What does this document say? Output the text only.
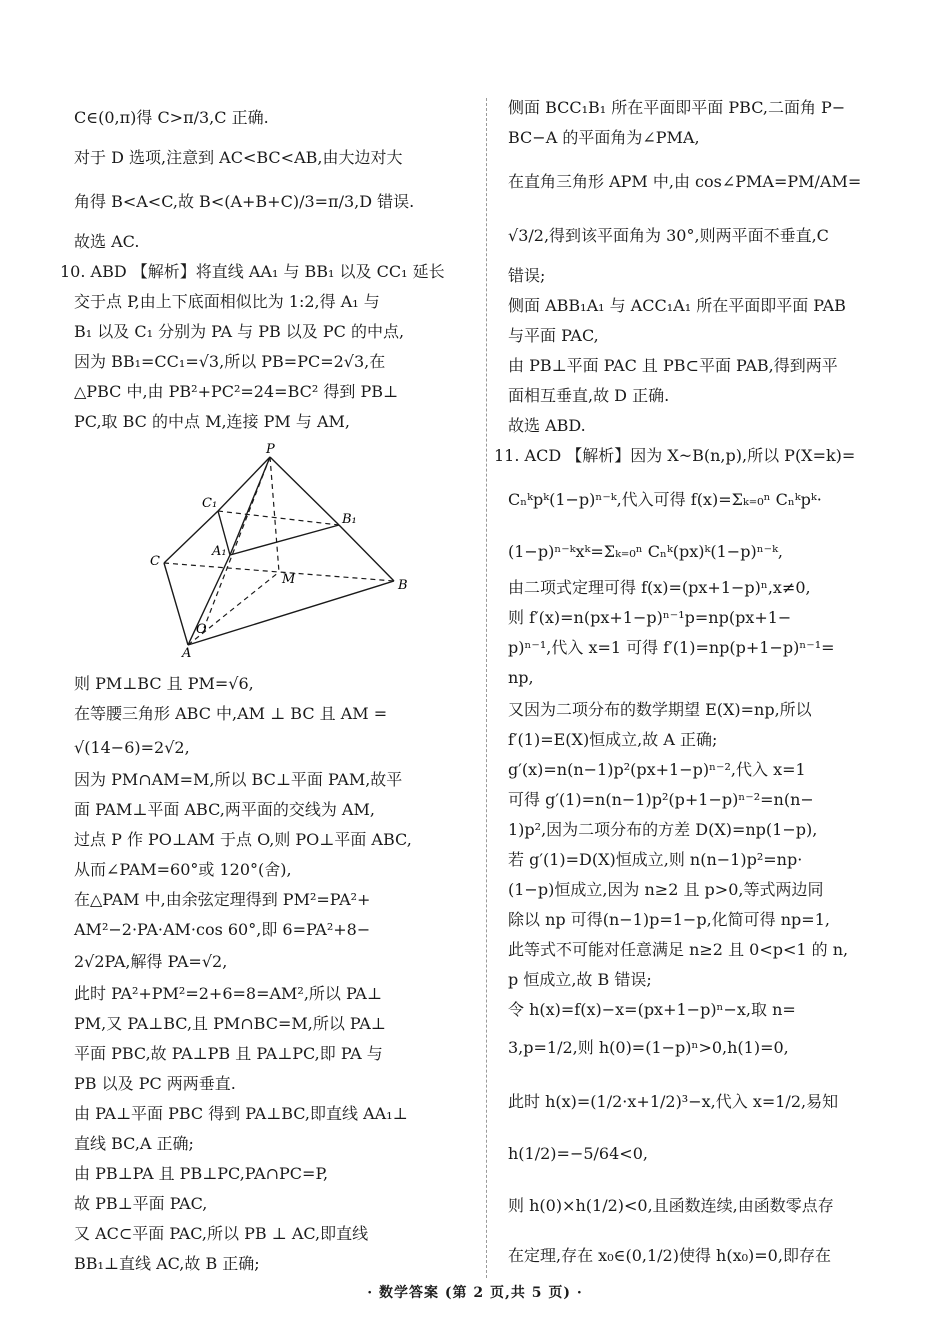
C∈(0,π)得 C>π/3,C 正确.
对于 D 选项,注意到 AC<BC<AB,由大边对大
角得 B<A<C,故 B<(A+B+C)/3=π/3,D 错误.
故选 AC.
10. ABD 【解析】将直线 AA₁ 与 BB₁ 以及 CC₁ 延长
交于点 P,由上下底面相似比为 1:2,得 A₁ 与
B₁ 以及 C₁ 分别为 PA 与 PB 以及 PC 的中点,
因为 BB₁=CC₁=√3,所以 PB=PC=2√3,在
△PBC 中,由 PB²+PC²=24=BC² 得到 PB⊥
PC,取 BC 的中点 M,连接 PM 与 AM,
P
C₁
B₁
A₁
C
M	B
O
A
则 PM⊥BC 且 PM=√6,
在等腰三角形 ABC 中,AM ⊥ BC 且 AM =
√(14−6)=2√2,
因为 PM∩AM=M,所以 BC⊥平面 PAM,故平
面 PAM⊥平面 ABC,两平面的交线为 AM,
过点 P 作 PO⊥AM 于点 O,则 PO⊥平面 ABC,
从而∠PAM=60°或 120°(舍),
在△PAM 中,由余弦定理得到 PM²=PA²+
AM²−2·PA·AM·cos 60°,即 6=PA²+8−
2√2PA,解得 PA=√2,
此时 PA²+PM²=2+6=8=AM²,所以 PA⊥
PM,又 PA⊥BC,且 PM∩BC=M,所以 PA⊥
平面 PBC,故 PA⊥PB 且 PA⊥PC,即 PA 与
PB 以及 PC 两两垂直.
由 PA⊥平面 PBC 得到 PA⊥BC,即直线 AA₁⊥
直线 BC,A 正确;
由 PB⊥PA 且 PB⊥PC,PA∩PC=P,
故 PB⊥平面 PAC,
又 AC⊂平面 PAC,所以 PB ⊥ AC,即直线
BB₁⊥直线 AC,故 B 正确;
侧面 BCC₁B₁ 所在平面即平面 PBC,二面角 P−
BC−A 的平面角为∠PMA,
在直角三角形 APM 中,由 cos∠PMA=PM/AM=
√3/2,得到该平面角为 30°,则两平面不垂直,C
错误;
侧面 ABB₁A₁ 与 ACC₁A₁ 所在平面即平面 PAB
与平面 PAC,
由 PB⊥平面 PAC 且 PB⊂平面 PAB,得到两平
面相互垂直,故 D 正确.
故选 ABD.
11. ACD 【解析】因为 X~B(n,p),所以 P(X=k)=
Cₙᵏpᵏ(1−p)ⁿ⁻ᵏ,代入可得 f(x)=Σₖ₌₀ⁿ Cₙᵏpᵏ·
(1−p)ⁿ⁻ᵏxᵏ=Σₖ₌₀ⁿ Cₙᵏ(px)ᵏ(1−p)ⁿ⁻ᵏ,
由二项式定理可得 f(x)=(px+1−p)ⁿ,x≠0,
则 f′(x)=n(px+1−p)ⁿ⁻¹p=np(px+1−
p)ⁿ⁻¹,代入 x=1 可得 f′(1)=np(p+1−p)ⁿ⁻¹=
np,
又因为二项分布的数学期望 E(X)=np,所以
f′(1)=E(X)恒成立,故 A 正确;
g′(x)=n(n−1)p²(px+1−p)ⁿ⁻²,代入 x=1
可得 g′(1)=n(n−1)p²(p+1−p)ⁿ⁻²=n(n−
1)p²,因为二项分布的方差 D(X)=np(1−p),
若 g′(1)=D(X)恒成立,则 n(n−1)p²=np·
(1−p)恒成立,因为 n≥2 且 p>0,等式两边同
除以 np 可得(n−1)p=1−p,化简可得 np=1,
此等式不可能对任意满足 n≥2 且 0<p<1 的 n,
p 恒成立,故 B 错误;
令 h(x)=f(x)−x=(px+1−p)ⁿ−x,取 n=
3,p=1/2,则 h(0)=(1−p)ⁿ>0,h(1)=0,
此时 h(x)=(1/2·x+1/2)³−x,代入 x=1/2,易知
h(1/2)=−5/64<0,
则 h(0)×h(1/2)<0,且函数连续,由函数零点存
在定理,存在 x₀∈(0,1/2)使得 h(x₀)=0,即存在
· 数学答案 (第 2 页,共 5 页) ·
